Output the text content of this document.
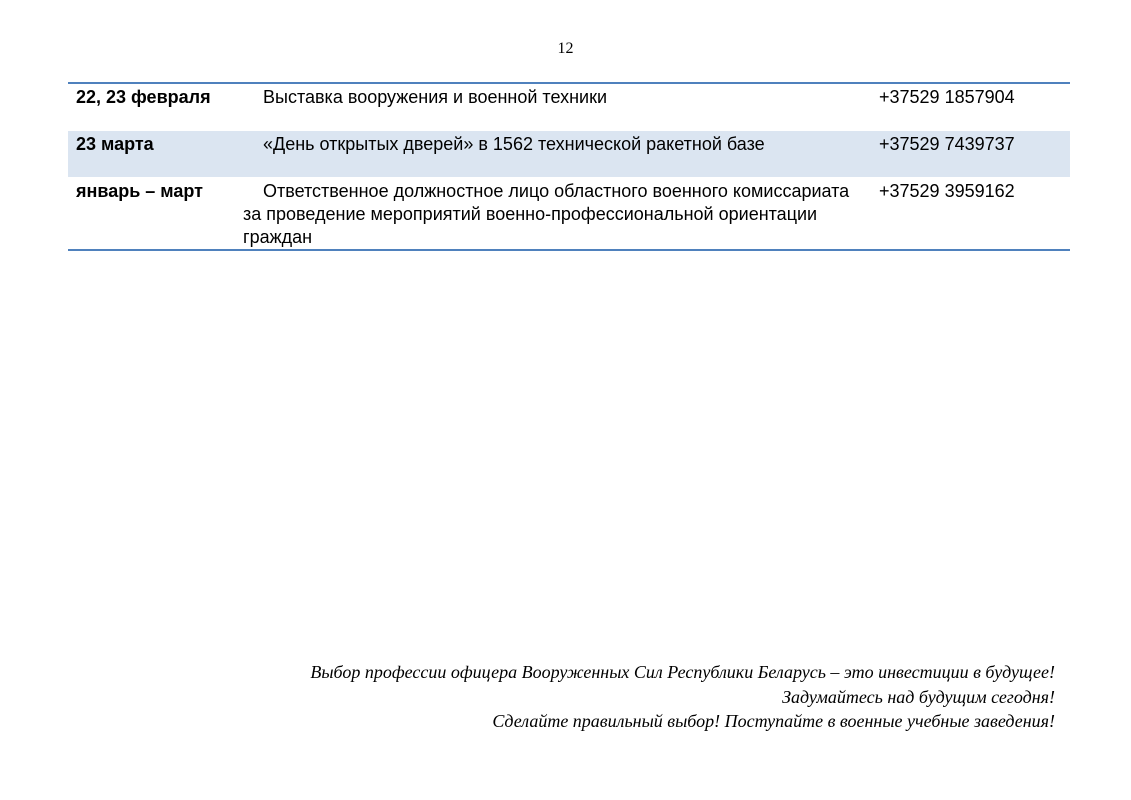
12
22, 23 февраля	Выставка вооружения и военной техники	+37529 1857904
23 марта	«День открытых дверей» в 1562 технической ракетной базе	+37529 7439737
январь – март	Ответственное должностное лицо областного военного комиссариата за проведение мероприятий военно-профессиональной ориентации граждан	+37529 3959162
Выбор профессии офицера Вооруженных Сил Республики Беларусь – это инвестиции в будущее!
Задумайтесь над будущим сегодня!
Сделайте правильный выбор! Поступайте в военные учебные заведения!
